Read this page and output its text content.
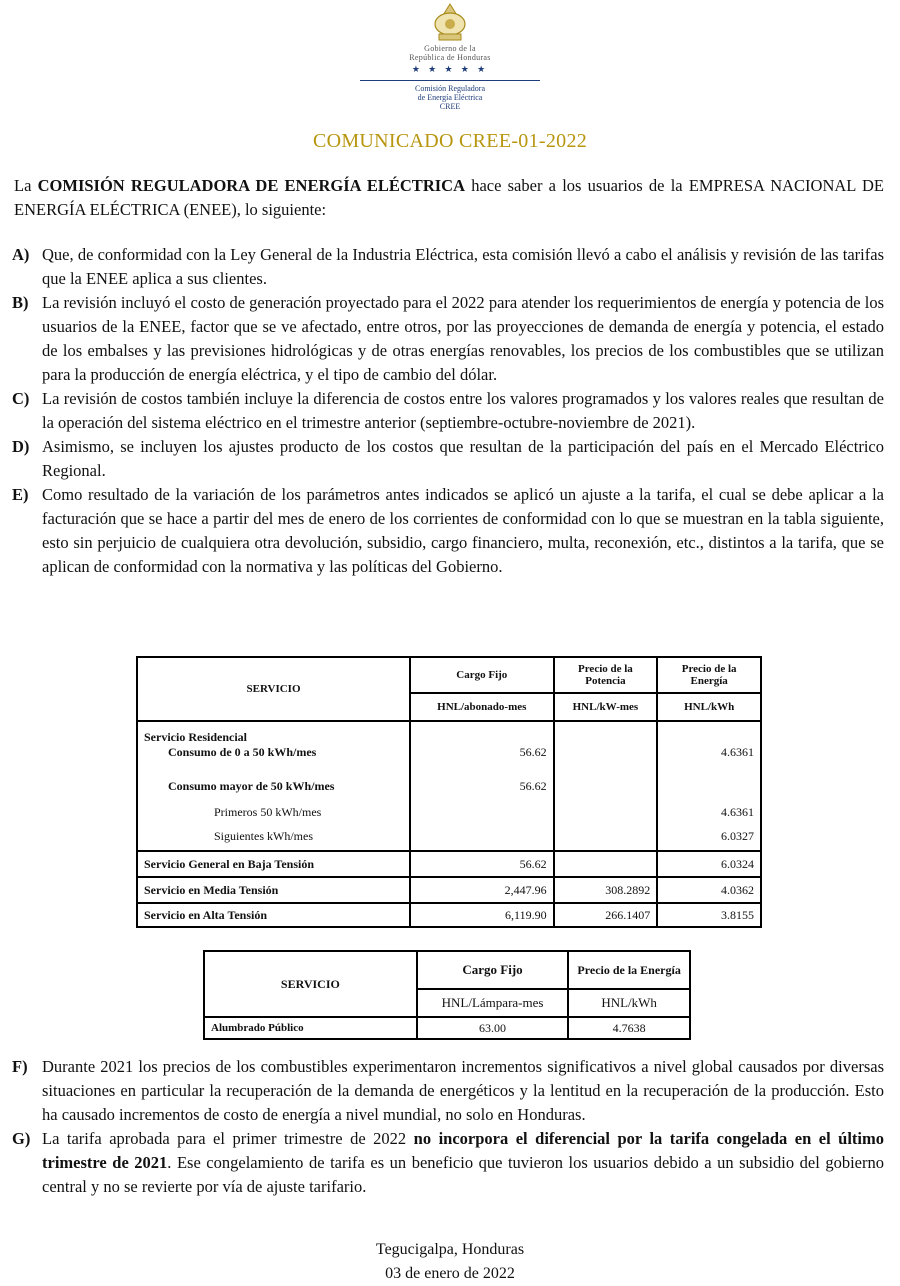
Gobierno de la
República de Honduras
★ ★ ★ ★ ★
Comisión Reguladora
de Energía Eléctrica
CREE
COMUNICADO CREE-01-2022
La COMISIÓN REGULADORA DE ENERGÍA ELÉCTRICA hace saber a los usuarios de la EMPRESA NACIONAL DE ENERGÍA ELÉCTRICA (ENEE), lo siguiente:
A) Que, de conformidad con la Ley General de la Industria Eléctrica, esta comisión llevó a cabo el análisis y revisión de las tarifas que la ENEE aplica a sus clientes.
B) La revisión incluyó el costo de generación proyectado para el 2022 para atender los requerimientos de energía y potencia de los usuarios de la ENEE, factor que se ve afectado, entre otros, por las proyecciones de demanda de energía y potencia, el estado de los embalses y las previsiones hidrológicas y de otras energías renovables, los precios de los combustibles que se utilizan para la producción de energía eléctrica, y el tipo de cambio del dólar.
C) La revisión de costos también incluye la diferencia de costos entre los valores programados y los valores reales que resultan de la operación del sistema eléctrico en el trimestre anterior (septiembre-octubre-noviembre de 2021).
D) Asimismo, se incluyen los ajustes producto de los costos que resultan de la participación del país en el Mercado Eléctrico Regional.
E) Como resultado de la variación de los parámetros antes indicados se aplicó un ajuste a la tarifa, el cual se debe aplicar a la facturación que se hace a partir del mes de enero de los corrientes de conformidad con lo que se muestran en la tabla siguiente, esto sin perjuicio de cualquiera otra devolución, subsidio, cargo financiero, multa, reconexión, etc., distintos a la tarifa, que se aplican de conformidad con la normativa y las políticas del Gobierno.
SERVICIO	Cargo Fijo	Precio de la Potencia	Precio de la Energía
	HNL/abonado-mes	HNL/kW-mes	HNL/kWh
Servicio Residencial			
Consumo de 0 a 50 kWh/mes	56.62		4.6361
Consumo mayor de 50 kWh/mes	56.62		
Primeros 50 kWh/mes			4.6361
Siguientes kWh/mes			6.0327
Servicio General en Baja Tensión	56.62		6.0324
Servicio en Media Tensión	2,447.96	308.2892	4.0362
Servicio en Alta Tensión	6,119.90	266.1407	3.8155
SERVICIO	Cargo Fijo	Precio de la Energía
	HNL/Lámpara-mes	HNL/kWh
Alumbrado Público	63.00	4.7638
F) Durante 2021 los precios de los combustibles experimentaron incrementos significativos a nivel global causados por diversas situaciones en particular la recuperación de la demanda de energéticos y la lentitud en la recuperación de la producción. Esto ha causado incrementos de costo de energía a nivel mundial, no solo en Honduras.
G) La tarifa aprobada para el primer trimestre de 2022 no incorpora el diferencial por la tarifa congelada en el último trimestre de 2021. Ese congelamiento de tarifa es un beneficio que tuvieron los usuarios debido a un subsidio del gobierno central y no se revierte por vía de ajuste tarifario.
Tegucigalpa, Honduras
03 de enero de 2022
